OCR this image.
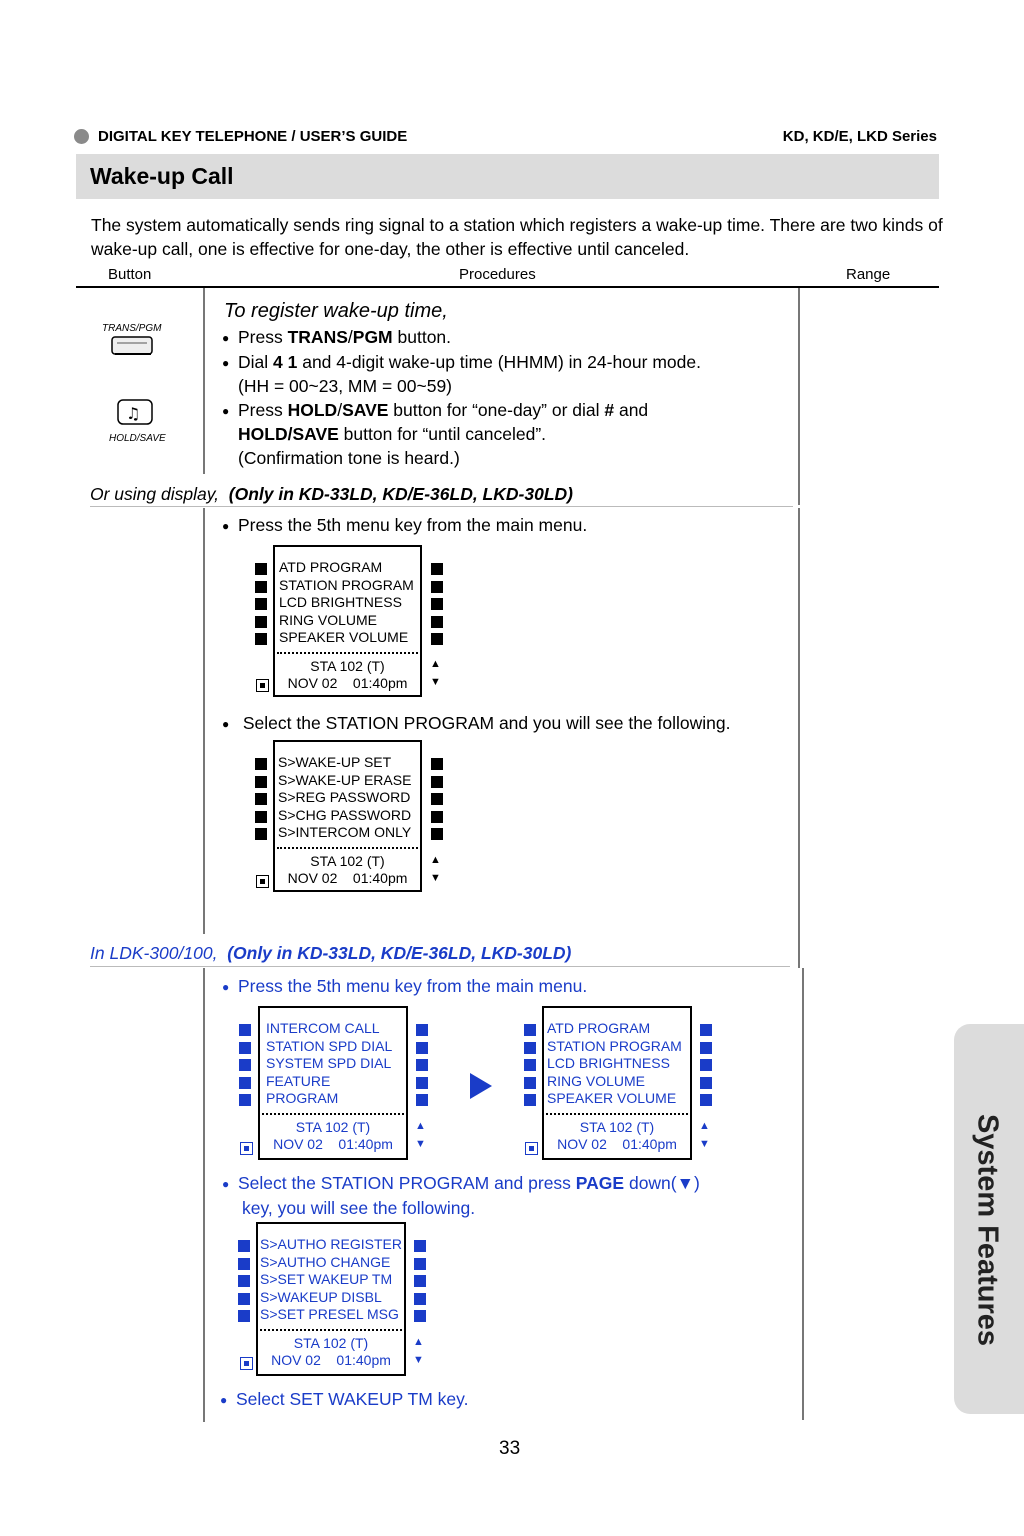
DIGITAL KEY TELEPHONE / USER’S GUIDE	KD, KD/E, LKD Series
Wake-up Call
The system automatically sends ring signal to a station which registers a wake-up time. There are two kinds of wake-up call, one is effective for one-day, the other is effective until canceled.
Button	Procedures	Range
TRANS/PGM
♫
HOLD/SAVE
To register wake-up time,
● Press TRANS/PGM button.
● Dial 4 1 and 4-digit wake-up time (HHMM) in 24-hour mode.
(HH = 00~23, MM = 00~59)
● Press HOLD/SAVE button for “one-day” or dial # and
HOLD/SAVE button for “until canceled”.
(Confirmation tone is heard.)
Or using display, (Only in KD-33LD, KD/E-36LD, LKD-30LD)
● Press the 5th menu key from the main menu.
ATD PROGRAM
STATION PROGRAM
LCD BRIGHTNESS
RING VOLUME
SPEAKER VOLUME
STA 102 (T)
NOV 02    01:40pm
▲
▼
● Select the STATION PROGRAM and you will see the following.
S>WAKE-UP SET
S>WAKE-UP ERASE
S>REG PASSWORD
S>CHG PASSWORD
S>INTERCOM ONLY
STA 102 (T)
NOV 02    01:40pm
▲
▼
In LDK-300/100, (Only in KD-33LD, KD/E-36LD, LKD-30LD)
● Press the 5th menu key from the main menu.
INTERCOM CALL
STATION SPD DIAL
SYSTEM SPD DIAL
FEATURE
PROGRAM
STA 102 (T)
NOV 02    01:40pm
▲
▼
ATD PROGRAM
STATION PROGRAM
LCD BRIGHTNESS
RING VOLUME
SPEAKER VOLUME
STA 102 (T)
NOV 02    01:40pm
▲
▼
● Select the STATION PROGRAM and press PAGE down(▼)
key, you will see the following.
S>AUTHO REGISTER
S>AUTHO CHANGE
S>SET WAKEUP TM
S>WAKEUP DISBL
S>SET PRESEL MSG
STA 102 (T)
NOV 02    01:40pm
▲
▼
● Select SET WAKEUP TM key.
33
System Features
